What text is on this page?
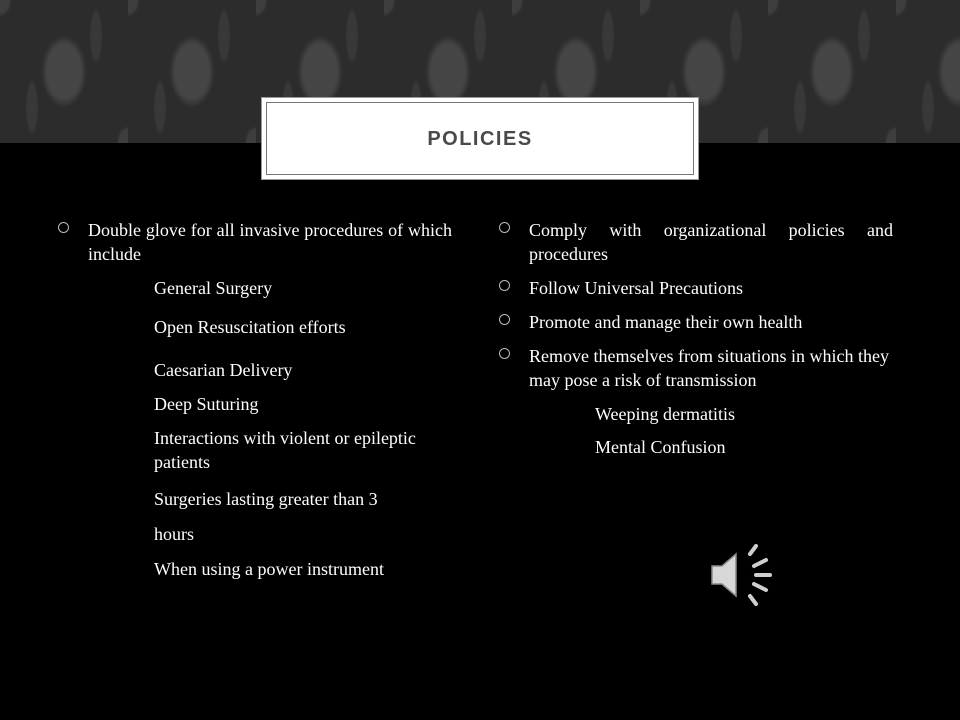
POLICIES
Double glove for all invasive procedures of which include
General Surgery
Open Resuscitation efforts
Caesarian Delivery
Deep Suturing
Interactions with violent or epileptic patients
Surgeries lasting greater than 3
hours
When using a power instrument
Comply with organizational policies and procedures
Follow Universal Precautions
Promote and manage their own health
Remove themselves from situations in which they may pose a risk of transmission
Weeping dermatitis
Mental Confusion
